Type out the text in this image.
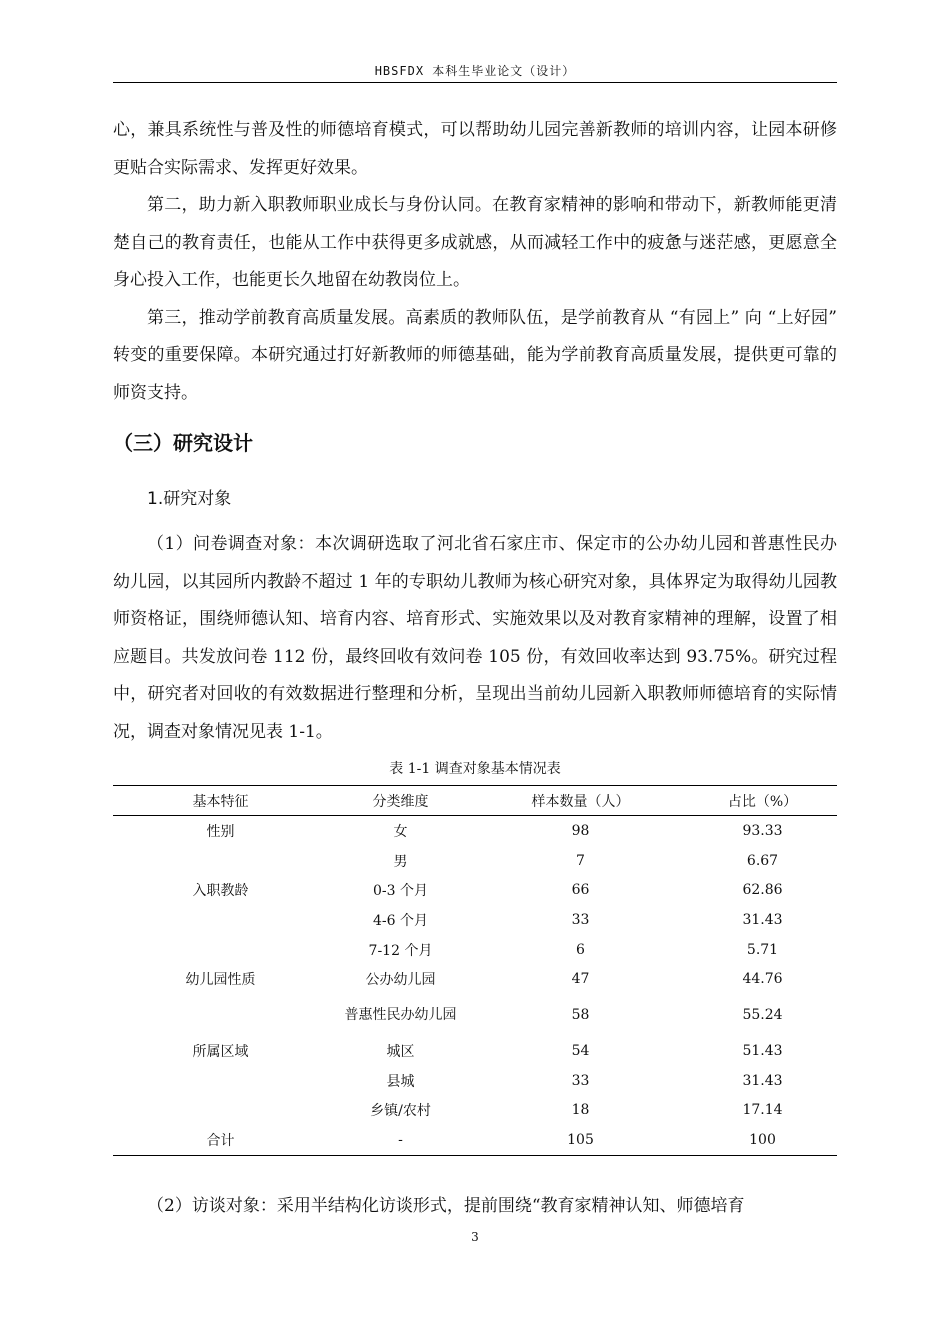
HBSFDX 本科生毕业论文（设计）

心，兼具系统性与普及性的师德培育模式，可以帮助幼儿园完善新教师的培训内容，让园本研修更贴合实际需求、发挥更好效果。

第二，助力新入职教师职业成长与身份认同。在教育家精神的影响和带动下，新教师能更清楚自己的教育责任，也能从工作中获得更多成就感，从而减轻工作中的疲惫与迷茫感，更愿意全身心投入工作，也能更长久地留在幼教岗位上。

第三，推动学前教育高质量发展。高素质的教师队伍，是学前教育从 “有园上” 向 “上好园” 转变的重要保障。本研究通过打好新教师的师德基础，能为学前教育高质量发展，提供更可靠的师资支持。

（三）研究设计
1.研究对象

（1）问卷调查对象：本次调研选取了河北省石家庄市、保定市的公办幼儿园和普惠性民办幼儿园，以其园所内教龄不超过 1 年的专职幼儿教师为核心研究对象，具体界定为取得幼儿园教师资格证，围绕师德认知、培育内容、培育形式、实施效果以及对教育家精神的理解，设置了相应题目。共发放问卷 112 份，最终回收有效问卷 105 份，有效回收率达到 93.75%。研究过程中，研究者对回收的有效数据进行整理和分析，呈现出当前幼儿园新入职教师师德培育的实际情况，调查对象情况见表 1-1。

表 1-1 调查对象基本情况表
基本特征	分类维度	样本数量（人）	占比（%）
性别	女	98	93.33
	男	7	6.67
入职教龄	0-3 个月	66	62.86
	4-6 个月	33	31.43
	7-12 个月	6	5.71
幼儿园性质	公办幼儿园	47	44.76
	普惠性民办幼儿园	58	55.24
所属区域	城区	54	51.43
	县城	33	31.43
	乡镇/农村	18	17.14
合计	-	105	100

（2）访谈对象：采用半结构化访谈形式，提前围绕“教育家精神认知、师德培育

3
